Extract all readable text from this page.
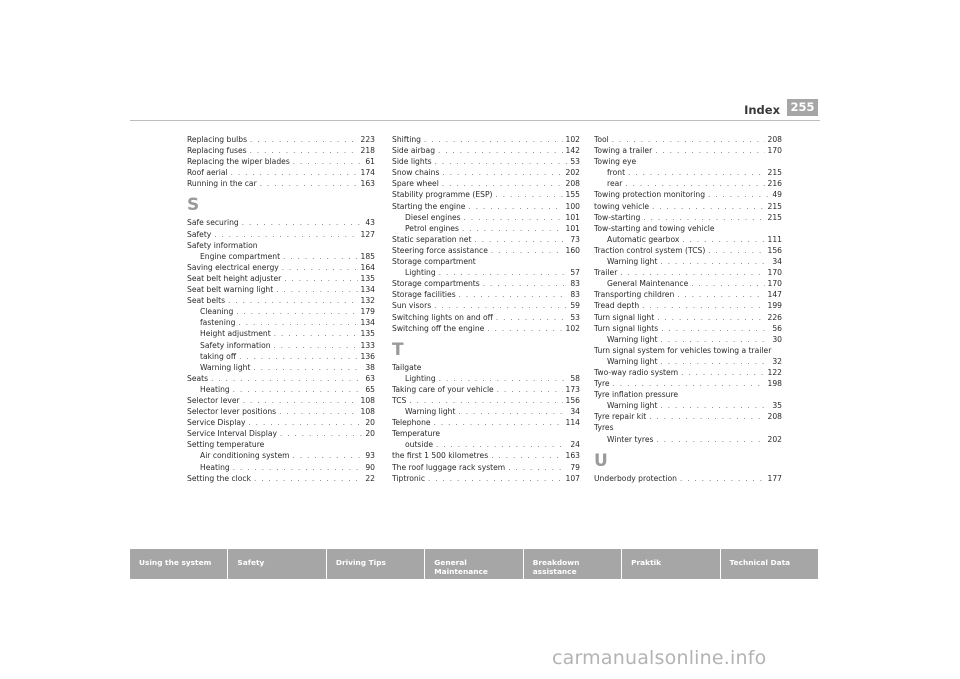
Index 255
Replacing bulbs . . .	223
Replacing fuses . . .	218
Replacing the wiper blades . . .	61
Roof aerial . . .	174
Running in the car . . .	163
S
Safe securing . . .	43
Safety . . .	127
Safety information
Engine compartment . . .	185
Saving electrical energy . . .	164
Seat belt height adjuster . . .	135
Seat belt warning light . . .	134
Seat belts . . .	132
Cleaning . . .	179
fastening . . .	134
Height adjustment . . .	135
Safety information . . .	133
taking off . . .	136
Warning light . . .	38
Seats . . .	63
Heating . . .	65
Selector lever . . .	108
Selector lever positions . . .	108
Service Display . . .	20
Service Interval Display . . .	20
Setting temperature
Air conditioning system . . .	93
Heating . . .	90
Setting the clock . . .	22
Shifting . . .	102
Side airbag . . .	142
Side lights . . .	53
Snow chains . . .	202
Spare wheel . . .	208
Stability programme (ESP) . . .	155
Starting the engine . . .	100
Diesel engines . . .	101
Petrol engines . . .	101
Static separation net . . .	73
Steering force assistance . . .	160
Storage compartment
Lighting . . .	57
Storage compartments . . .	83
Storage facilities . . .	83
Sun visors . . .	59
Switching lights on and off . . .	53
Switching off the engine . . .	102
T
Tailgate
Lighting . . .	58
Taking care of your vehicle . . .	173
TCS . . .	156
Warning light . . .	34
Telephone . . .	114
Temperature
outside . . .	24
the first 1 500 kilometres . . .	163
The roof luggage rack system . . .	79
Tiptronic . . .	107
Tool . . .	208
Towing a trailer . . .	170
Towing eye
front . . .	215
rear . . .	216
Towing protection monitoring . . .	49
towing vehicle . . .	215
Tow-starting . . .	215
Tow-starting and towing vehicle
Automatic gearbox . . .	111
Traction control system (TCS) . . .	156
Warning light . . .	34
Trailer . . .	170
General Maintenance . . .	170
Transporting children . . .	147
Tread depth . . .	199
Turn signal light . . .	226
Turn signal lights . . .	56
Warning light . . .	30
Turn signal system for vehicles towing a trailer
Warning light . . .	32
Two-way radio system . . .	122
Tyre . . .	198
Tyre inflation pressure
Warning light . . .	35
Tyre repair kit . . .	208
Tyres
Winter tyres . . .	202
U
Underbody protection . . .	177
Using the system	Safety	Driving Tips	General Maintenance
Breakdown assistance
Praktik	Technical Data
carmanualsonline.info
